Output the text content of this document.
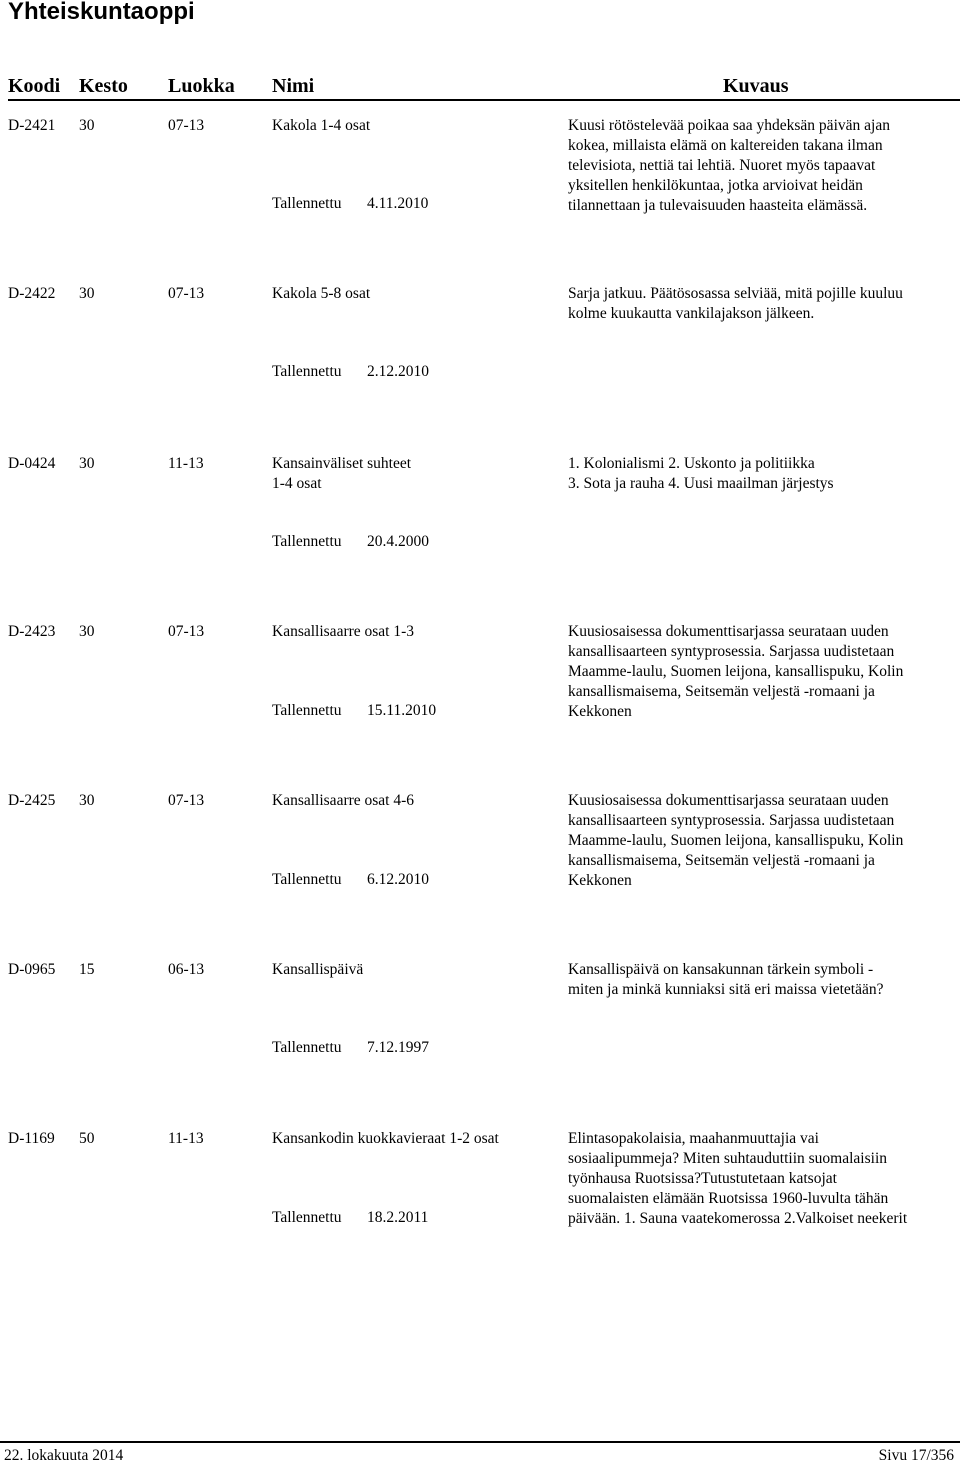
Yhteiskuntaoppi
Koodi Kesto Luokka Nimi	Kuvaus
D-2421 30	07-13	Kakola 1-4 osat
Tallennettu 4.11.2010
Kuusi rötöstelevää poikaa saa yhdeksän päivän ajan
kokea, millaista elämä on kaltereiden takana ilman
televisiota, nettiä tai lehtiä. Nuoret myös tapaavat
yksitellen henkilökuntaa, jotka arvioivat heidän
tilannettaan ja tulevaisuuden haasteita elämässä.
D-2422 30	07-13	Kakola 5-8 osat
Tallennettu 2.12.2010
Sarja jatkuu. Päätösosassa selviää, mitä pojille kuuluu
kolme kuukautta vankilajakson jälkeen.
D-0424 30	11-13	Kansainväliset suhteet
1-4 osat
Tallennettu 20.4.2000
1. Kolonialismi 2. Uskonto ja politiikka
3. Sota ja rauha 4. Uusi maailman järjestys
D-2423 30	07-13	Kansallisaarre osat 1-3
Tallennettu 15.11.2010
Kuusiosaisessa dokumenttisarjassa seurataan uuden
kansallisaarteen syntyprosessia. Sarjassa uudistetaan
Maamme-laulu, Suomen leijona, kansallispuku, Kolin
kansallismaisema, Seitsemän veljestä -romaani ja
Kekkonen
D-2425 30	07-13	Kansallisaarre osat 4-6
Tallennettu 6.12.2010
Kuusiosaisessa dokumenttisarjassa seurataan uuden
kansallisaarteen syntyprosessia. Sarjassa uudistetaan
Maamme-laulu, Suomen leijona, kansallispuku, Kolin
kansallismaisema, Seitsemän veljestä -romaani ja
Kekkonen
D-0965 15	06-13	Kansallispäivä
Tallennettu 7.12.1997
Kansallispäivä on kansakunnan tärkein symboli -
miten ja minkä kunniaksi sitä eri maissa vietetään?
D-1169 50	11-13	Kansankodin kuokkavieraat 1-2 osat
Tallennettu 18.2.2011
Elintasopakolaisia, maahanmuuttajia vai
sosiaalipummeja? Miten suhtauduttiin suomalaisiin
työnhausa Ruotsissa?Tutustutetaan katsojat
suomalaisten elämään Ruotsissa 1960-luvulta tähän
päivään. 1. Sauna vaatekomerossa 2.Valkoiset neekerit
22. lokakuuta 2014	Sivu 17/356
